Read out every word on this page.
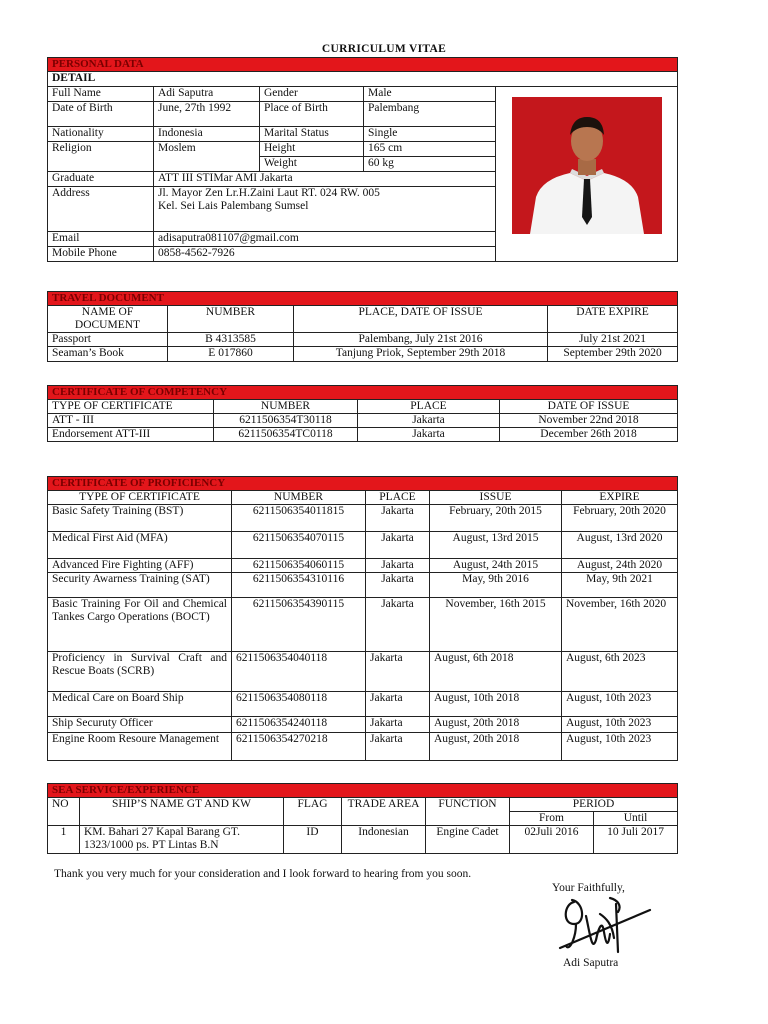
CURRICULUM VITAE
PERSONAL DATA				
DETAIL				
Full Name	Adi Saputra	Gender	Male	

Date of Birth	June, 27th 1992	Place of Birth	Palembang	
Nationality	Indonesia	Marital Status	Single	
Religion	Moslem	Height	165 cm	
		Weight	60 kg	
Graduate	ATT III STIMar AMI Jakarta			
Address	Jl. Mayor Zen Lr.H.Zaini Laut RT. 024 RW. 005
Kel. Sei Lais Palembang Sumsel			

Email	adisaputra081107@gmail.com			
Mobile Phone	0858-4562-7926			
TRAVEL DOCUMENT			
NAME OF DOCUMENT	NUMBER	PLACE, DATE OF ISSUE	DATE EXPIRE
Passport	B 4313585	Palembang, July 21st 2016	July 21st 2021
Seaman’s Book	E 017860	Tanjung Priok, September 29th 2018	September 29th 2020
CERTIFICATE OF COMPETENCY			
TYPE OF CERTIFICATE	NUMBER	PLACE	DATE OF ISSUE
ATT - III	6211506354T30118	Jakarta	November 22nd 2018
Endorsement ATT-III	6211506354TC0118	Jakarta	December 26th 2018
CERTIFICATE OF PROFICIENCY				
TYPE OF CERTIFICATE	NUMBER	PLACE	ISSUE	EXPIRE
Basic Safety Training (BST)	6211506354011815	Jakarta	February, 20th 2015	February, 20th 2020
Medical First Aid (MFA)	6211506354070115	Jakarta	August, 13rd 2015	August, 13rd 2020
Advanced Fire Fighting (AFF)	6211506354060115	Jakarta	August, 24th 2015	August, 24th 2020
Security Awarness Training (SAT)	6211506354310116	Jakarta	May, 9th 2016	May, 9th 2021
Basic Training For Oil and Chemical Tankes Cargo Operations (BOCT)	6211506354390115	Jakarta	November, 16th 2015	November, 16th 2020
Proficiency in Survival Craft and Rescue Boats (SCRB)	6211506354040118	Jakarta	August, 6th 2018	August, 6th 2023
Medical Care on Board Ship	6211506354080118	Jakarta	August, 10th 2018	August, 10th 2023
Ship Securuty Officer	6211506354240118	Jakarta	August, 20th 2018	August, 10th 2023
Engine Room Resoure Management	6211506354270218	Jakarta	August, 20th 2018	August, 10th 2023
SEA SERVICE/EXPERIENCE						
NO	SHIP’S NAME GT AND KW	FLAG	TRADE AREA	FUNCTION	PERIOD	
					From	Until
1	KM. Bahari 27 Kapal Barang GT. 1323/1000 ps. PT Lintas B.N	ID	Indonesian	Engine Cadet	02Juli 2016	10 Juli 2017
Thank you very much for your consideration and I look forward to hearing from you soon.
Your Faithfully,
Adi Saputra
